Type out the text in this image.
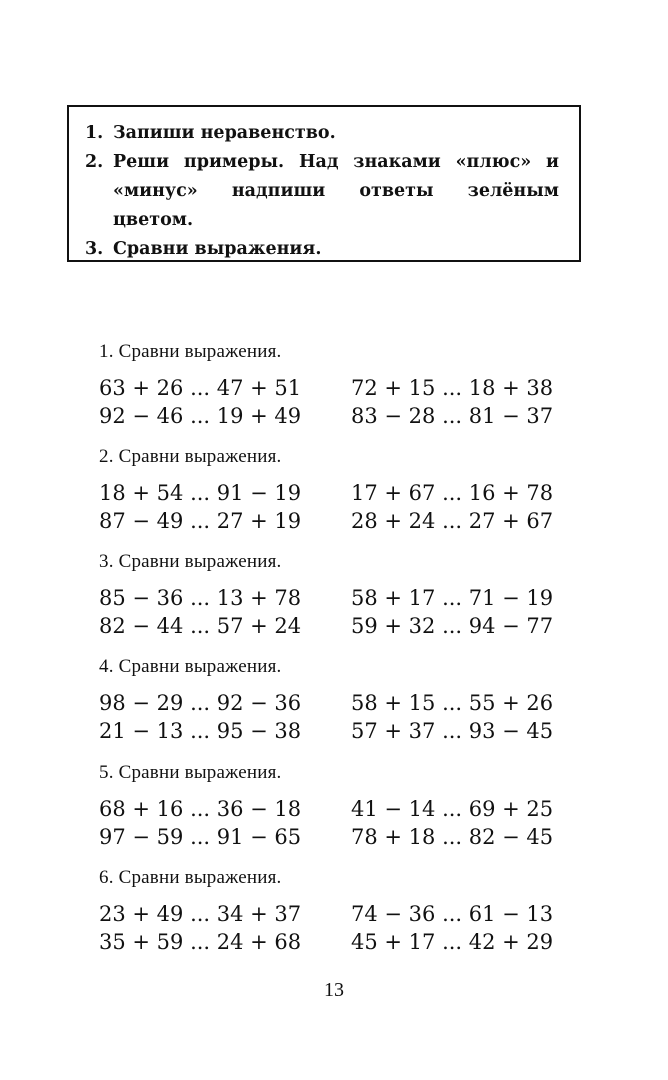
1. Запиши неравенство.
2. Реши примеры. Над знаками «плюс» и «минус» надпиши ответы зелёным цветом.
3. Сравни выражения.
1. Сравни выражения.
63 + 26 ... 47 + 51	72 + 15 ... 18 + 38
92 − 46 ... 19 + 49	83 − 28 ... 81 − 37
2. Сравни выражения.
18 + 54 ... 91 − 19	17 + 67 ... 16 + 78
87 − 49 ... 27 + 19	28 + 24 ... 27 + 67
3. Сравни выражения.
85 − 36 ... 13 + 78	58 + 17 ... 71 − 19
82 − 44 ... 57 + 24	59 + 32 ... 94 − 77
4. Сравни выражения.
98 − 29 ... 92 − 36	58 + 15 ... 55 + 26
21 − 13 ... 95 − 38	57 + 37 ... 93 − 45
5. Сравни выражения.
68 + 16 ... 36 − 18	41 − 14 ... 69 + 25
97 − 59 ... 91 − 65	78 + 18 ... 82 − 45
6. Сравни выражения.
23 + 49 ... 34 + 37	74 − 36 ... 61 − 13
35 + 59 ... 24 + 68	45 + 17 ... 42 + 29
13
